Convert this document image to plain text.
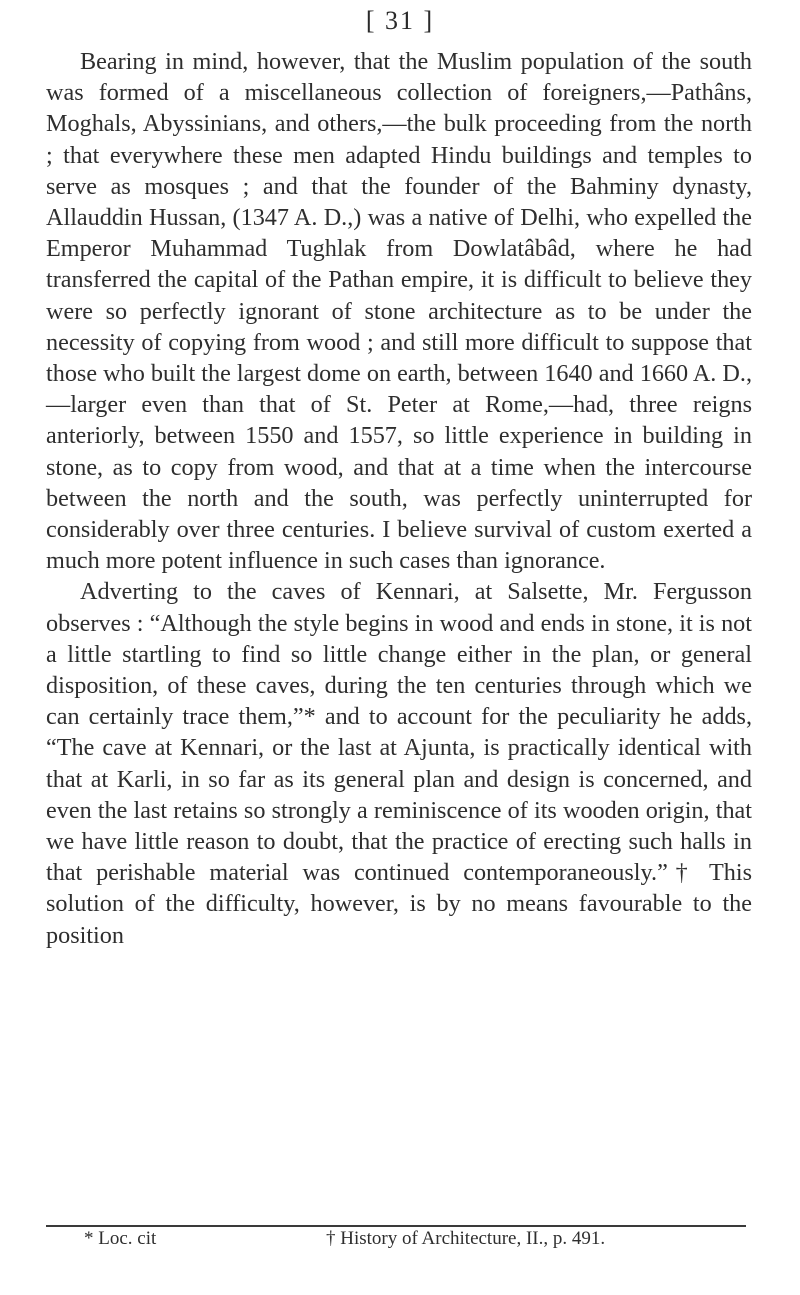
[ 31 ]

Bearing in mind, however, that the Muslim population of the south was formed of a miscellaneous collection of foreigners,—Pathâns, Moghals, Abyssinians, and others,—the bulk proceeding from the north ; that everywhere these men adapted Hindu buildings and temples to serve as mosques ; and that the founder of the Bahminy dynasty, Allauddin Hussan, (1347 A. D.,) was a native of Delhi, who expelled the Emperor Muhammad Tughlak from Dowlatâbâd, where he had transferred the capital of the Pathan empire, it is difficult to believe they were so perfectly ignorant of stone architecture as to be under the necessity of copying from wood ; and still more difficult to suppose that those who built the largest dome on earth, between 1640 and 1660 A. D.,—larger even than that of St. Peter at Rome,—had, three reigns anteriorly, between 1550 and 1557, so little experience in building in stone, as to copy from wood, and that at a time when the intercourse between the north and the south, was perfectly uninterrupted for considerably over three centuries. I believe survival of custom exerted a much more potent influence in such cases than ignorance.

Adverting to the caves of Kennari, at Salsette, Mr. Fergusson observes : “Although the style begins in wood and ends in stone, it is not a little startling to find so little change either in the plan, or general disposition, of these caves, during the ten centuries through which we can certainly trace them,”* and to account for the peculiarity he adds, “The cave at Kennari, or the last at Ajunta, is practically identical with that at Karli, in so far as its general plan and design is concerned, and even the last retains so strongly a reminiscence of its wooden origin, that we have little reason to doubt, that the practice of erecting such halls in that perishable material was continued contemporaneously.”† This solution of the difficulty, however, is by no means favourable to the position

* Loc. cit	† History of Architecture, II., p. 491.
